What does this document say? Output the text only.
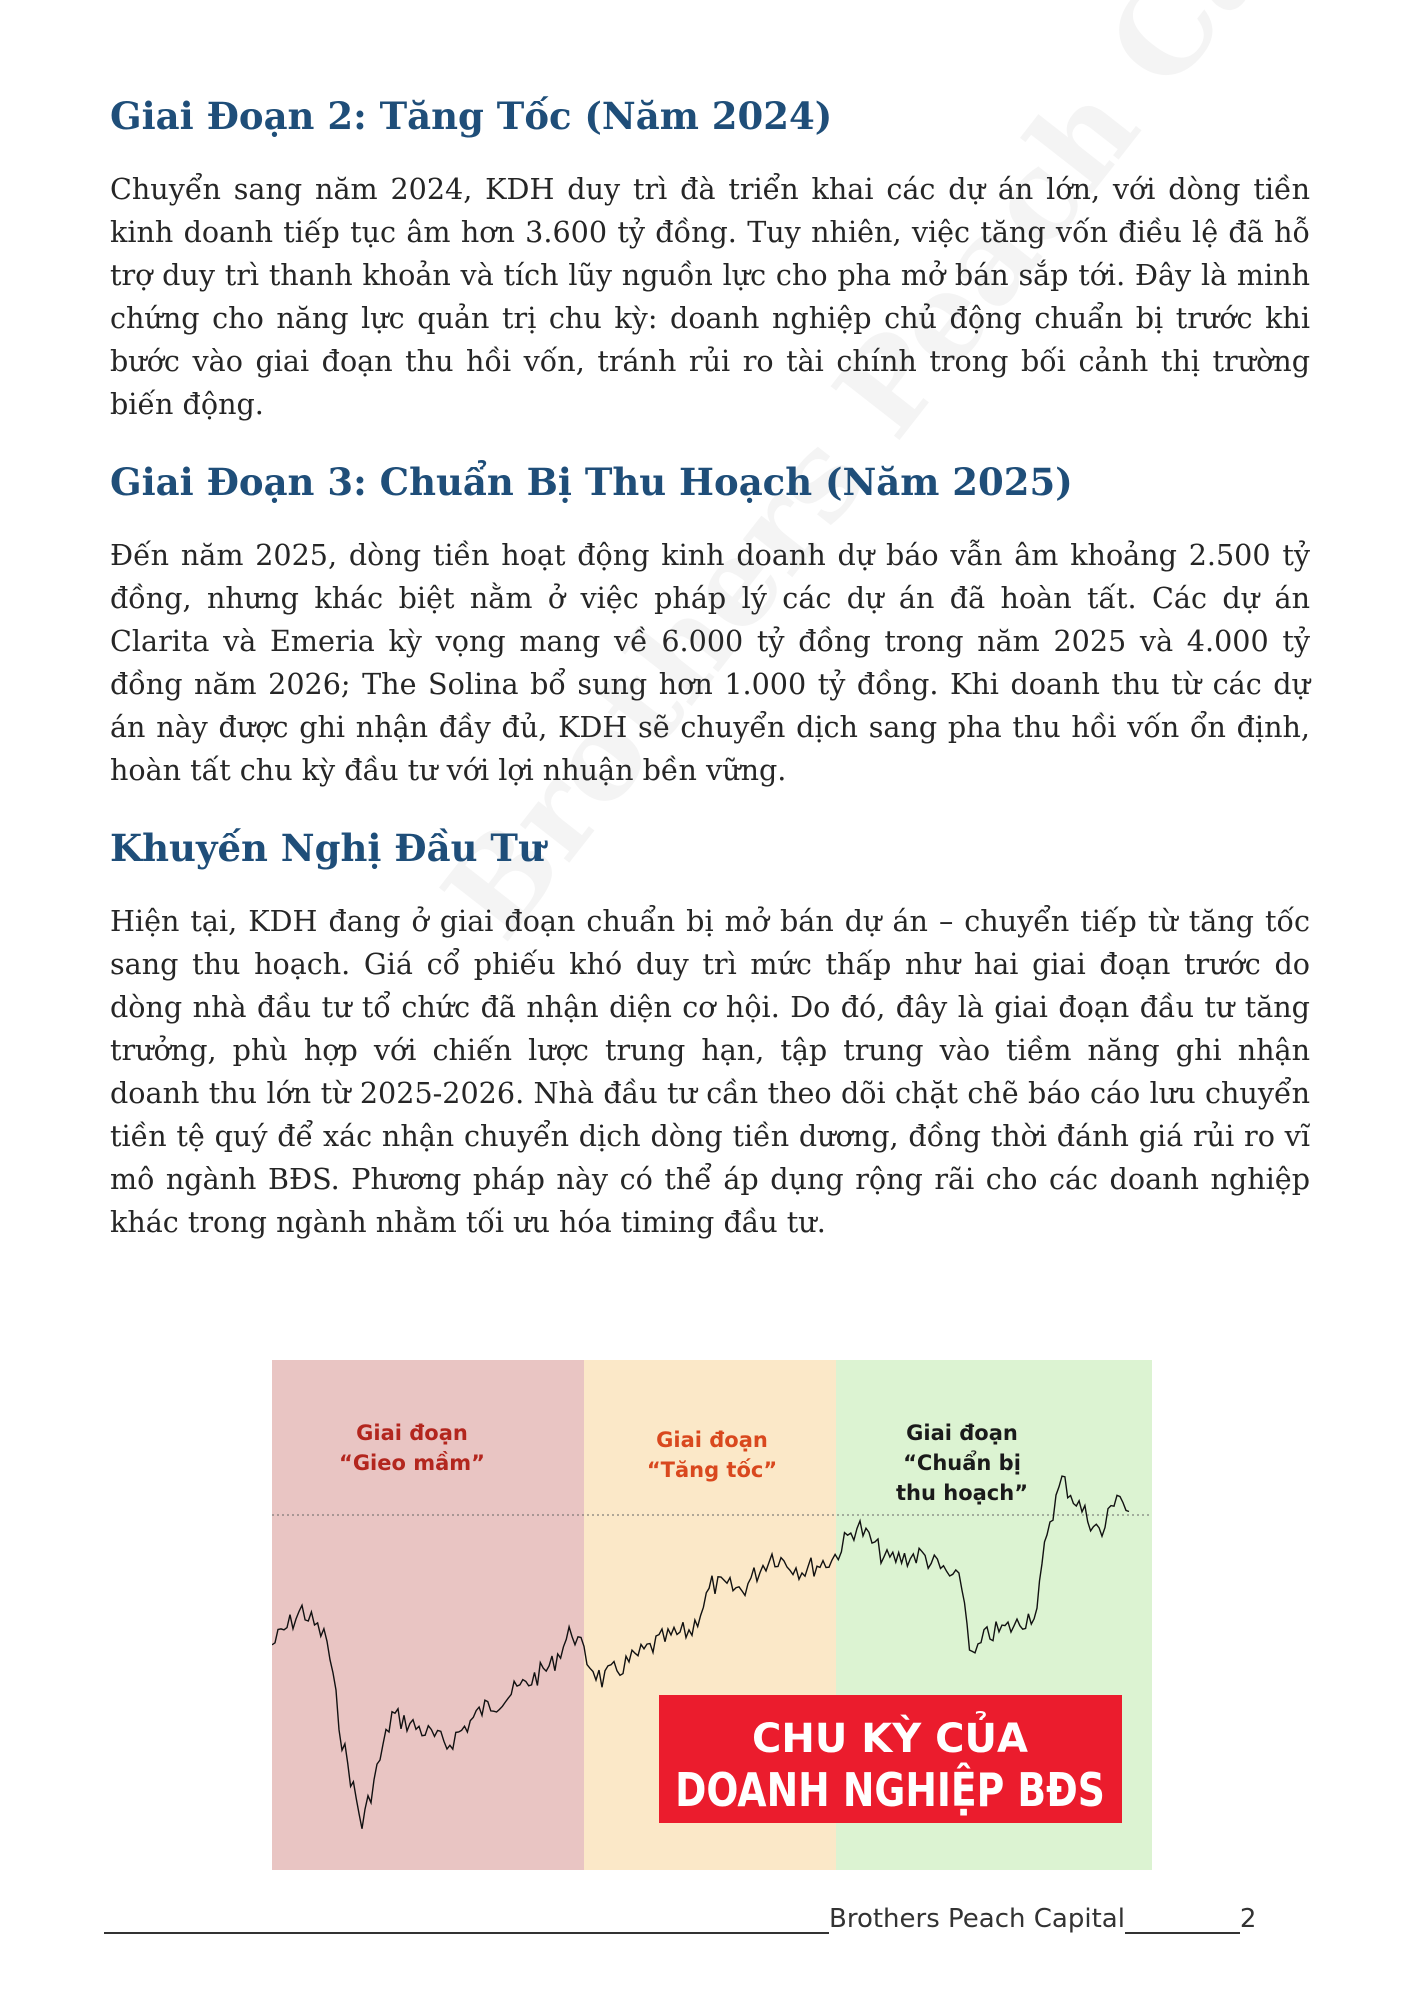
Giai Đoạn 2: Tăng Tốc (Năm 2024)

Chuyển sang năm 2024, KDH duy trì đà triển khai các dự án lớn, với dòng tiền kinh doanh tiếp tục âm hơn 3.600 tỷ đồng. Tuy nhiên, việc tăng vốn điều lệ đã hỗ trợ duy trì thanh khoản và tích lũy nguồn lực cho pha mở bán sắp tới. Đây là minh chứng cho năng lực quản trị chu kỳ: doanh nghiệp chủ động chuẩn bị trước khi bước vào giai đoạn thu hồi vốn, tránh rủi ro tài chính trong bối cảnh thị trường biến động.

Giai Đoạn 3: Chuẩn Bị Thu Hoạch (Năm 2025)

Đến năm 2025, dòng tiền hoạt động kinh doanh dự báo vẫn âm khoảng 2.500 tỷ đồng, nhưng khác biệt nằm ở việc pháp lý các dự án đã hoàn tất. Các dự án Clarita và Emeria kỳ vọng mang về 6.000 tỷ đồng trong năm 2025 và 4.000 tỷ đồng năm 2026; The Solina bổ sung hơn 1.000 tỷ đồng. Khi doanh thu từ các dự án này được ghi nhận đầy đủ, KDH sẽ chuyển dịch sang pha thu hồi vốn ổn định, hoàn tất chu kỳ đầu tư với lợi nhuận bền vững.

Khuyến Nghị Đầu Tư

Hiện tại, KDH đang ở giai đoạn chuẩn bị mở bán dự án – chuyển tiếp từ tăng tốc sang thu hoạch. Giá cổ phiếu khó duy trì mức thấp như hai giai đoạn trước do dòng nhà đầu tư tổ chức đã nhận diện cơ hội. Do đó, đây là giai đoạn đầu tư tăng trưởng, phù hợp với chiến lược trung hạn, tập trung vào tiềm năng ghi nhận doanh thu lớn từ 2025-2026. Nhà đầu tư cần theo dõi chặt chẽ báo cáo lưu chuyển tiền tệ quý để xác nhận chuyển dịch dòng tiền dương, đồng thời đánh giá rủi ro vĩ mô ngành BĐS. Phương pháp này có thể áp dụng rộng rãi cho các doanh nghiệp khác trong ngành nhằm tối ưu hóa timing đầu tư.

Giai đoạn
“Gieo mầm”
Giai đoạn
“Tăng tốc”
Giai đoạn
“Chuẩn bị
thu hoạch”
CHU KỲ CỦA
DOANH NGHIỆP BĐS
Brothers Peach Capital	2
